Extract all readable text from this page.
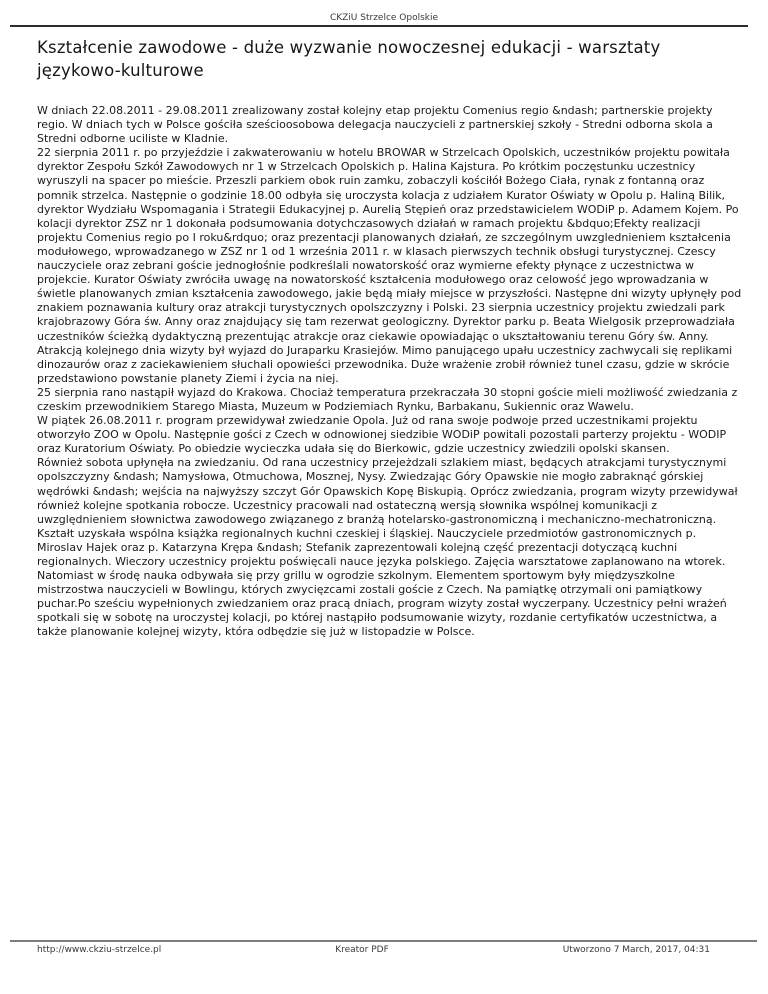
CKZiU Strzelce Opolskie
Kształcenie zawodowe - duże wyzwanie nowoczesnej edukacji - warsztaty językowo-kulturowe

W dniach 22.08.2011 - 29.08.2011 zrealizowany został kolejny etap projektu Comenius regio &ndash; partnerskie projekty regio. W dniach tych w Polsce gościła sześcioosobowa delegacja nauczycieli z partnerskiej szkoły - Stredni odborna skola a Stredni odborne uciliste w Kladnie.

22 sierpnia 2011 r. po przyjeździe i zakwaterowaniu w hotelu BROWAR w Strzelcach Opolskich, uczestników projektu powitała dyrektor Zespołu Szkół Zawodowych nr 1 w Strzelcach Opolskich p. Halina Kajstura. Po krótkim poczęstunku uczestnicy wyruszyli na spacer po mieście. Przeszli parkiem obok ruin zamku, zobaczyli kościłół Bożego Ciała, rynak z fontanną oraz pomnik strzelca. Następnie o godzinie 18.00 odbyła się uroczysta kolacja z udziałem Kurator Oświaty w Opolu p. Haliną Bilik, dyrektor Wydziału Wspomagania i Strategii Edukacyjnej p. Aurelią Stępień oraz przedstawicielem WODiP p. Adamem Kojem. Po kolacji dyrektor ZSZ nr 1 dokonała podsumowania dotychczasowych działań w ramach projektu &bdquo;Efekty realizacji projektu Comenius regio po I roku&rdquo; oraz prezentacji planowanych działań, ze szczególnym uwzglednieniem kształcenia modułowego, wprowadzanego w ZSZ nr 1 od 1 września 2011 r. w klasach pierwszych technik obsługi turystycznej. Czescy nauczyciele oraz zebrani goście jednogłośnie podkreślali nowatorskość oraz wymierne efekty płynące z uczestnictwa w projekcie. Kurator Oświaty zwróciła uwagę na nowatorskość kształcenia modułowego oraz celowość jego wprowadzania w świetle planowanych zmian kształcenia zawodowego, jakie będą miały miejsce w przyszłości. Następne dni wizyty upłynęły pod znakiem poznawania kultury oraz atrakcji turystycznych opolszczyzny i Polski. 23 sierpnia uczestnicy projektu zwiedzali park krajobrazowy Góra św. Anny oraz znajdujący się tam rezerwat geologiczny. Dyrektor parku p. Beata Wielgosik przeprowadziała uczestników ścieżką dydaktyczną prezentując atrakcje oraz ciekawie opowiadając o ukształtowaniu terenu Góry św. Anny.

Atrakcją kolejnego dnia wizyty był wyjazd do Juraparku Krasiejów. Mimo panującego upału uczestnicy zachwycali się replikami dinozaurów oraz z zaciekawieniem słuchali opowieści przewodnika. Duże wrażenie zrobił również tunel czasu, gdzie w skrócie przedstawiono powstanie planety Ziemi i życia na niej.

25 sierpnia rano nastąpił wyjazd do Krakowa. Chociaż temperatura przekraczała 30 stopni goście mieli możliwość zwiedzania z czeskim przewodnikiem Starego Miasta, Muzeum w Podziemiach Rynku, Barbakanu, Sukiennic oraz Wawelu.

W piątek 26.08.2011 r. program przewidywał zwiedzanie Opola. Już od rana swoje podwoje przed uczestnikami projektu otworzyło ZOO w Opolu. Następnie gości z Czech w odnowionej siedzibie WODiP powitali pozostali parterzy projektu - WODIP oraz Kuratorium Oświaty. Po obiedzie wycieczka udała się do Bierkowic, gdzie uczestnicy zwiedzili opolski skansen.

Również sobota upłynęła na zwiedzaniu. Od rana uczestnicy przejeżdzali szlakiem miast, będących atrakcjami turystycznymi opolszczyzny &ndash; Namysłowa, Otmuchowa, Mosznej, Nysy. Zwiedzając Góry Opawskie nie mogło zabraknąć górskiej wędrówki &ndash; wejścia na najwyższy szczyt Gór Opawskich Kopę Biskupią. Oprócz zwiedzania, program wizyty przewidywał również kolejne spotkania robocze. Uczestnicy pracowali nad ostateczną wersją słownika wspólnej komunikacji z uwzględnieniem słownictwa zawodowego związanego z branżą hotelarsko-gastronomiczną i mechaniczno-mechatroniczną. Kształt uzyskała wspólna książka regionalnych kuchni czeskiej i śląskiej. Nauczyciele przedmiotów gastronomicznych p. Miroslav Hajek oraz p. Katarzyna Krępa &ndash; Stefanik zaprezentowali kolejną część prezentacji dotyczącą kuchni regionalnych. Wieczory uczestnicy projektu poświęcali nauce języka polskiego. Zajęcia warsztatowe zaplanowano na wtorek. Natomiast w środę nauka odbywała się przy grillu w ogrodzie szkolnym. Elementem sportowym były międzyszkolne mistrzostwa nauczycieli w Bowlingu, których zwycięzcami zostali goście z Czech. Na pamiątkę otrzymali oni pamiątkowy puchar.Po sześciu wypełnionych zwiedzaniem oraz pracą dniach, program wizyty został wyczerpany. Uczestnicy pełni wrażeń spotkali się w sobotę na uroczystej kolacji, po której nastąpiło podsumowanie wizyty, rozdanie certyfikatów uczestnictwa, a także planowanie kolejnej wizyty, która odbędzie się już w listopadzie w Polsce.

http://www.ckziu-strzelce.pl	Kreator PDF	Utworzono 7 March, 2017, 04:31
